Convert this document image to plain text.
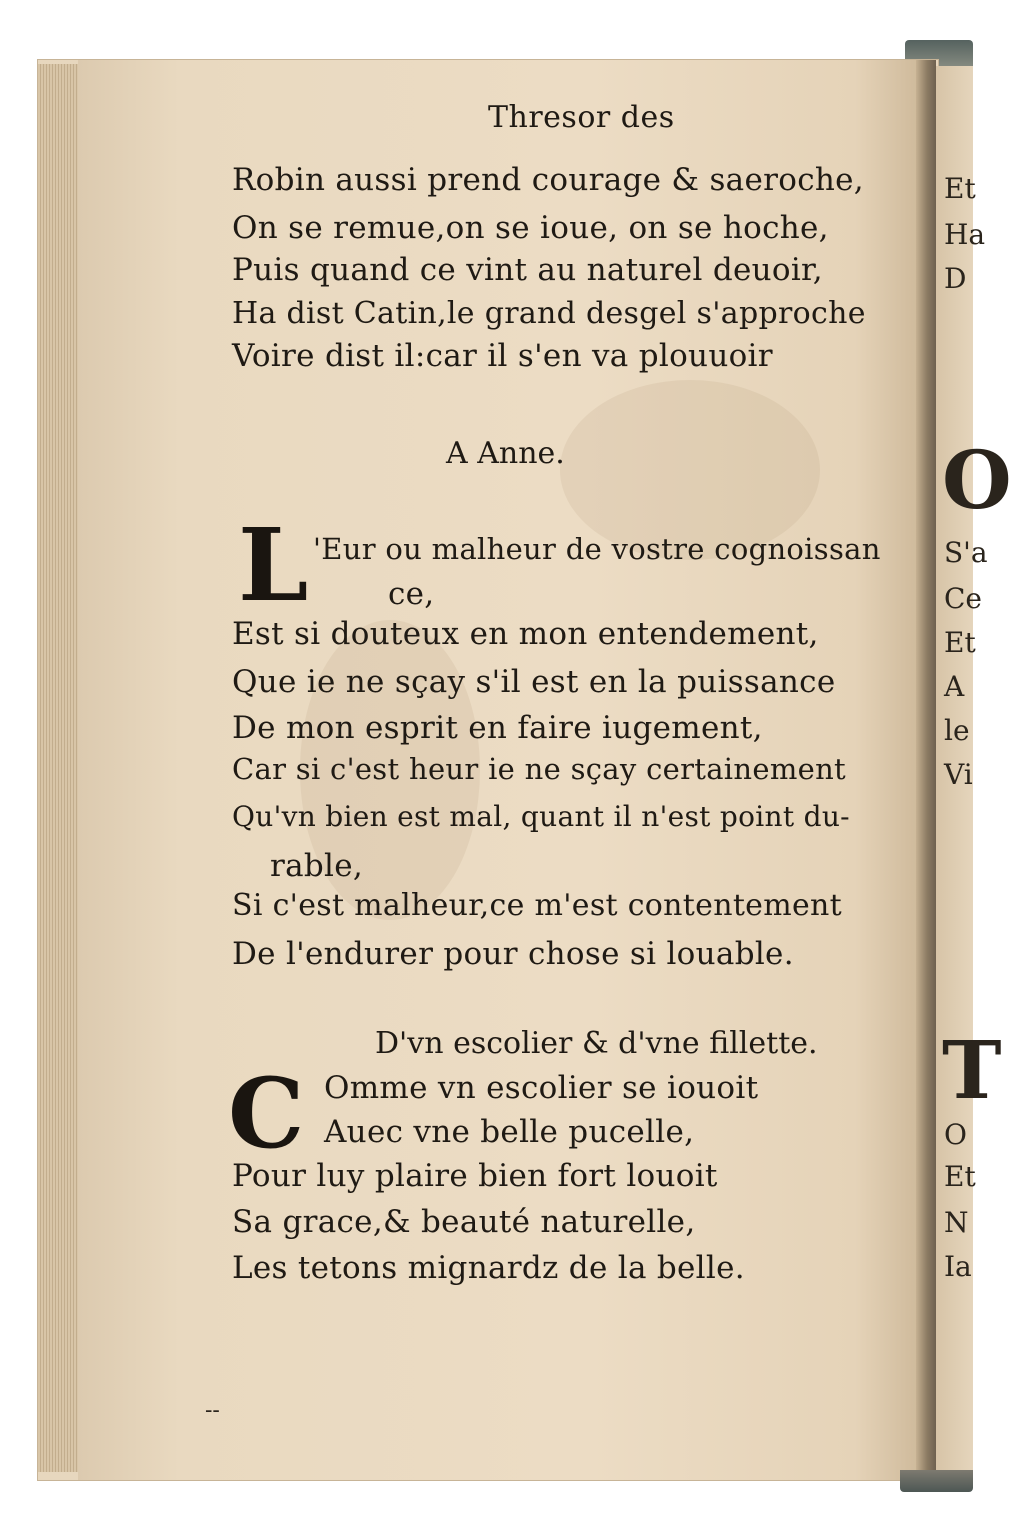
Thresor des
Robin aussi prend courage & saeroche,
On se remue,on se ioue, on se hoche,
Puis quand ce vint au naturel deuoir,
Ha dist Catin,le grand desgel s'approche
Voire dist il:car il s'en va plouuoir
A Anne.
L 'Eur ou malheur de vostre cognoissan
ce,
Est si douteux en mon entendement,
Que ie ne sçay s'il est en la puissance
De mon esprit en faire iugement,
Car si c'est heur ie ne sçay certainement
Qu'vn bien est mal, quant il n'est point du-
rable,
Si c'est malheur,ce m'est contentement
De l'endurer pour chose si louable.
D'vn escolier & d'vne fillette.
C Omme vn escolier se iouoit
Auec vne belle pucelle,
Pour luy plaire bien fort louoit
Sa grace,& beauté naturelle,
Les tetons mignardz de la belle.
--
Et
Ha
D
O
S'a
Ce
Et
A
le
Vi
T
O
Et
N
Ia
